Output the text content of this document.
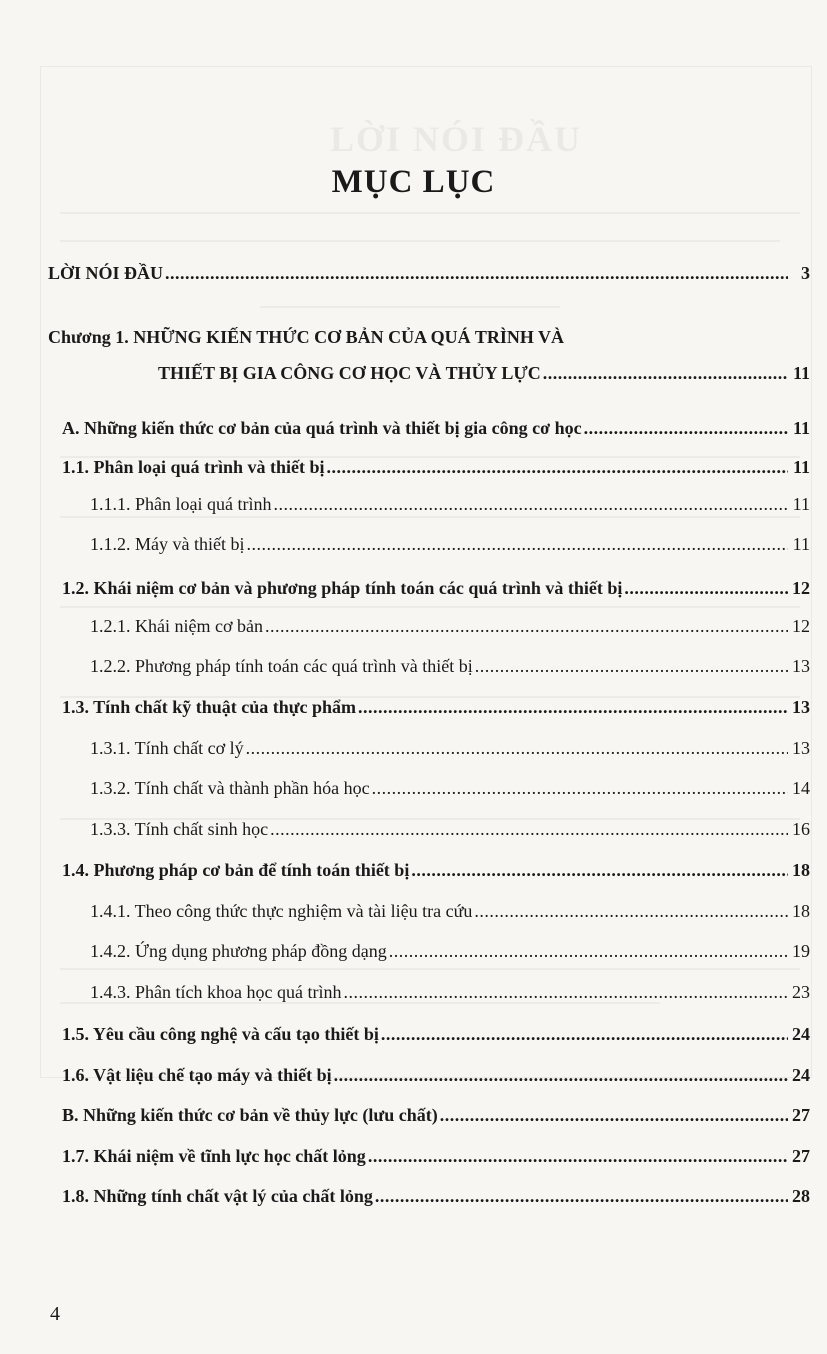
LỜI NÓI ĐẦU
MỤC LỤC
LỜI NÓI ĐẦU .....	3
Chương 1. NHỮNG KIẾN THỨC CƠ BẢN CỦA QUÁ TRÌNH VÀ
THIẾT BỊ GIA CÔNG CƠ HỌC VÀ THỦY LỰC .....	11
A. Những kiến thức cơ bản của quá trình và thiết bị gia công cơ học .....	11
1.1. Phân loại quá trình và thiết bị .....	11
1.1.1. Phân loại quá trình .....	11
1.1.2. Máy và thiết bị .....	11
1.2. Khái niệm cơ bản và phương pháp tính toán các quá trình và thiết bị .....	12
1.2.1. Khái niệm cơ bản .....	12
1.2.2. Phương pháp tính toán các quá trình và thiết bị .....	13
1.3. Tính chất kỹ thuật của thực phẩm .....	13
1.3.1. Tính chất cơ lý .....	13
1.3.2. Tính chất và thành phần hóa học .....	14
1.3.3. Tính chất sinh học .....	16
1.4. Phương pháp cơ bản để tính toán thiết bị .....	18
1.4.1. Theo công thức thực nghiệm và tài liệu tra cứu .....	18
1.4.2. Ứng dụng phương pháp đồng dạng .....	19
1.4.3. Phân tích khoa học quá trình .....	23
1.5. Yêu cầu công nghệ và cấu tạo thiết bị .....	24
1.6. Vật liệu chế tạo máy và thiết bị .....	24
B. Những kiến thức cơ bản về thủy lực (lưu chất) .....	27
1.7. Khái niệm về tĩnh lực học chất lỏng .....	27
1.8. Những tính chất vật lý của chất lỏng .....	28
4
